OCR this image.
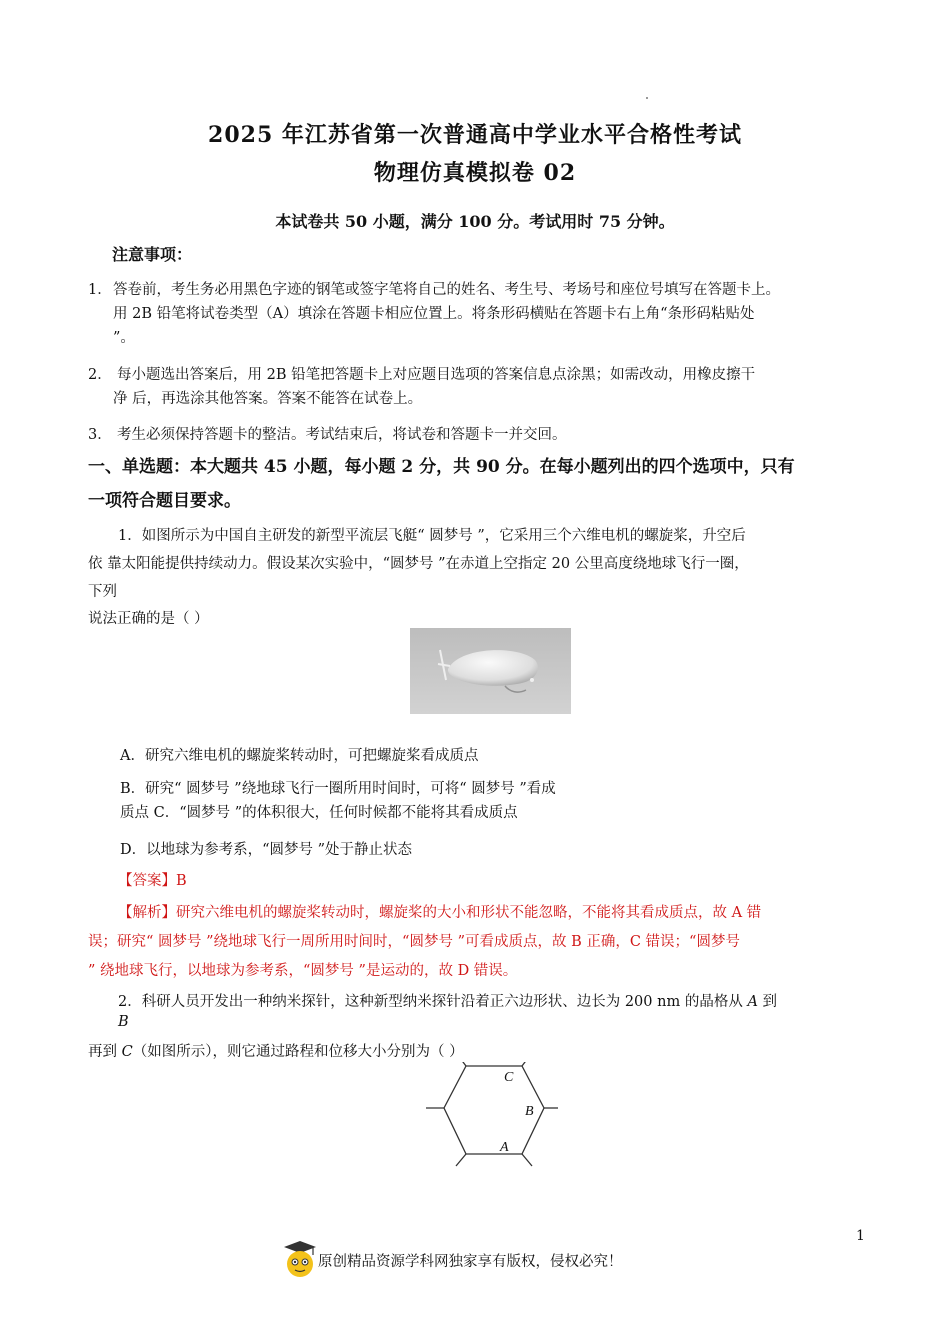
2025 年江苏省第一次普通高中学业水平合格性考试
物理仿真模拟卷 02
本试卷共 50 小题，满分 100 分。考试用时 75 分钟。
注意事项：
1． 答卷前，考生务必用黑色字迹的钢笔或签字笔将自己的姓名、考生号、考场号和座位号填写在答题卡上。
用 2B 铅笔将试卷类型（A）填涂在答题卡相应位置上。将条形码横贴在答题卡右上角“条形码粘贴处
”。
2． 每小题选出答案后，用 2B 铅笔把答题卡上对应题目选项的答案信息点涂黑；如需改动，用橡皮擦干
净 后，再选涂其他答案。答案不能答在试卷上。
3． 考生必须保持答题卡的整洁。考试结束后，将试卷和答题卡一并交回。
一、单选题：本大题共 45 小题，每小题 2 分，共 90 分。在每小题列出的四个选项中，只有
一项符合题目要求。
1．如图所示为中国自主研发的新型平流层飞艇“ 圆梦号 ”，它采用三个六维电机的螺旋桨，升空后
依 靠太阳能提供持续动力。假设某次实验中，“圆梦号 ”在赤道上空指定 20 公里高度绕地球飞行一圈，
下列
说法正确的是（ ）
A．研究六维电机的螺旋桨转动时，可把螺旋桨看成质点
B．研究“ 圆梦号 ”绕地球飞行一圈所用时间时，可将“ 圆梦号 ”看成
质点 C．“圆梦号 ”的体积很大，任何时候都不能将其看成质点
D．以地球为参考系，“圆梦号 ”处于静止状态
【答案】B
【解析】研究六维电机的螺旋桨转动时，螺旋桨的大小和形状不能忽略，不能将其看成质点，故 A 错
误；研究“ 圆梦号 ”绕地球飞行一周所用时间时，“圆梦号 ”可看成质点，故 B 正确，C 错误；“圆梦号
” 绕地球飞行，以地球为参考系，“圆梦号 ”是运动的，故 D 错误。
2．科研人员开发出一种纳米探针，这种新型纳米探针沿着正六边形状、边长为 200 nm 的晶格从 A 到
B
再到 C（如图所示），则它通过路程和位移大小分别为（ ）
C
B
A
1
原创精品资源学科网独家享有版权，侵权必究！
